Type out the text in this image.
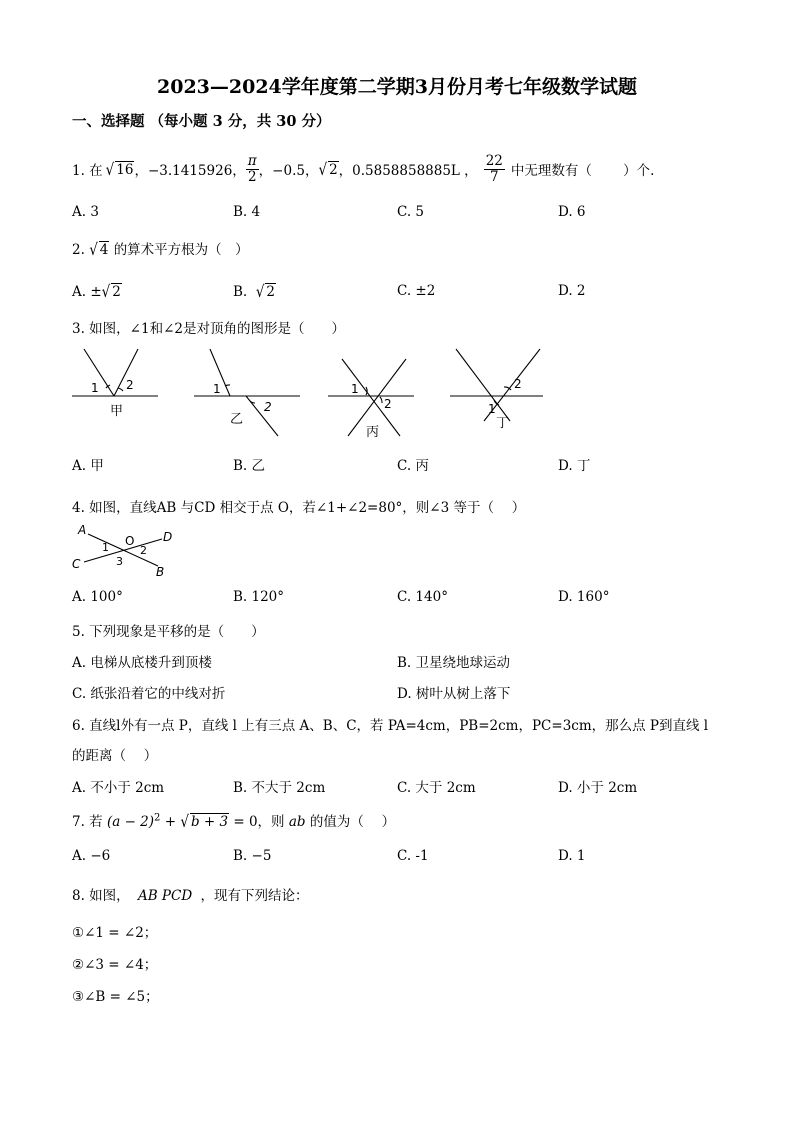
2023—2024学年度第二学期3月份月考七年级数学试题
一、选择题 （每小题 3 分，共 30 分）
1. 在 √ 16 ，−3.1415926， $\frac{\pi}{2}$ ，−0.5， √ 2 ，0.5858858885L ， $\frac{22}{7}$ 中无理数有（　　 ）个.
A. 3	B. 4	C. 5	D. 6
2. √ 4 的算术平方根为（　）
A. ±√ 2	B. √ 2	C. ±2	D. 2
3. 如图，∠1和∠2是对顶角的图形是（　　）
1 2
甲
1
2
乙
1
2
丙
2
1
丁
A. 甲	B. 乙	C. 丙	D. 丁
4. 如图，直线AB 与CD 相交于点 O，若∠1+∠2=80°，则∠3 等于（　 ）
A
B
C
D
O
1	2
3
A. 100°	B. 120°	C. 140°	D. 160°
5. 下列现象是平移的是（　　）
A. 电梯从底楼升到顶楼	B. 卫星绕地球运动
C. 纸张沿着它的中线对折	D. 树叶从树上落下
6. 直线l外有一点 P，直线 l 上有三点 A、B、C，若 PA=4cm，PB=2cm，PC=3cm，那么点 P到直线 l
的距离（　 ）
A. 不小于 2cm	B. 不大于 2cm	C. 大于 2cm	D. 小于 2cm
7. 若 $(a - 2)^2$ + √ b + 3 = 0，则 ab 的值为（　 ）
A. −6	B. −5	C. -1	D. 1
8. 如图， AB PCD ，现有下列结论：
①∠1 = ∠2；
②∠3 = ∠4；
③∠B = ∠5；
